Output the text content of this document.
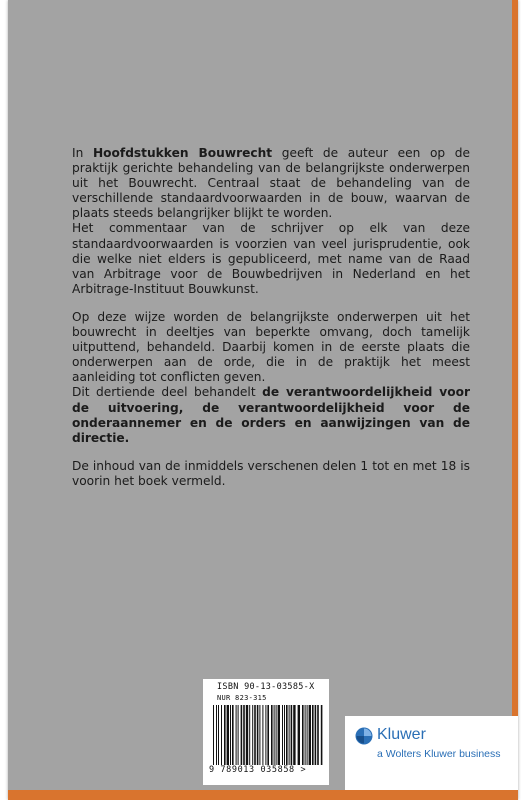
In Hoofdstukken Bouwrecht geeft de auteur een op de praktijk gerichte behandeling van de belangrijkste onderwerpen uit het Bouwrecht. Centraal staat de behandeling van de verschillende standaardvoorwaarden in de bouw, waarvan de plaats steeds belangrijker blijkt te worden.

Het commentaar van de schrijver op elk van deze standaardvoorwaarden is voorzien van veel jurisprudentie, ook die welke niet elders is gepubliceerd, met name van de Raad van Arbitrage voor de Bouwbedrijven in Nederland en het Arbitrage-Instituut Bouwkunst.

Op deze wijze worden de belangrijkste onderwerpen uit het bouwrecht in deeltjes van beperkte omvang, doch tamelijk uitputtend, behandeld. Daarbij komen in de eerste plaats die onderwerpen aan de orde, die in de praktijk het meest aanleiding tot conflicten geven.

Dit dertiende deel behandelt de verantwoordelijkheid voor de uitvoering, de verantwoordelijkheid voor de onderaannemer en de orders en aanwijzingen van de directie.

De inhoud van de inmiddels verschenen delen 1 tot en met 18 is voorin het boek vermeld.

ISBN 90-13-03585-X
NUR 823-315
9 789013 035858 >
Kluwer
a Wolters Kluwer business
